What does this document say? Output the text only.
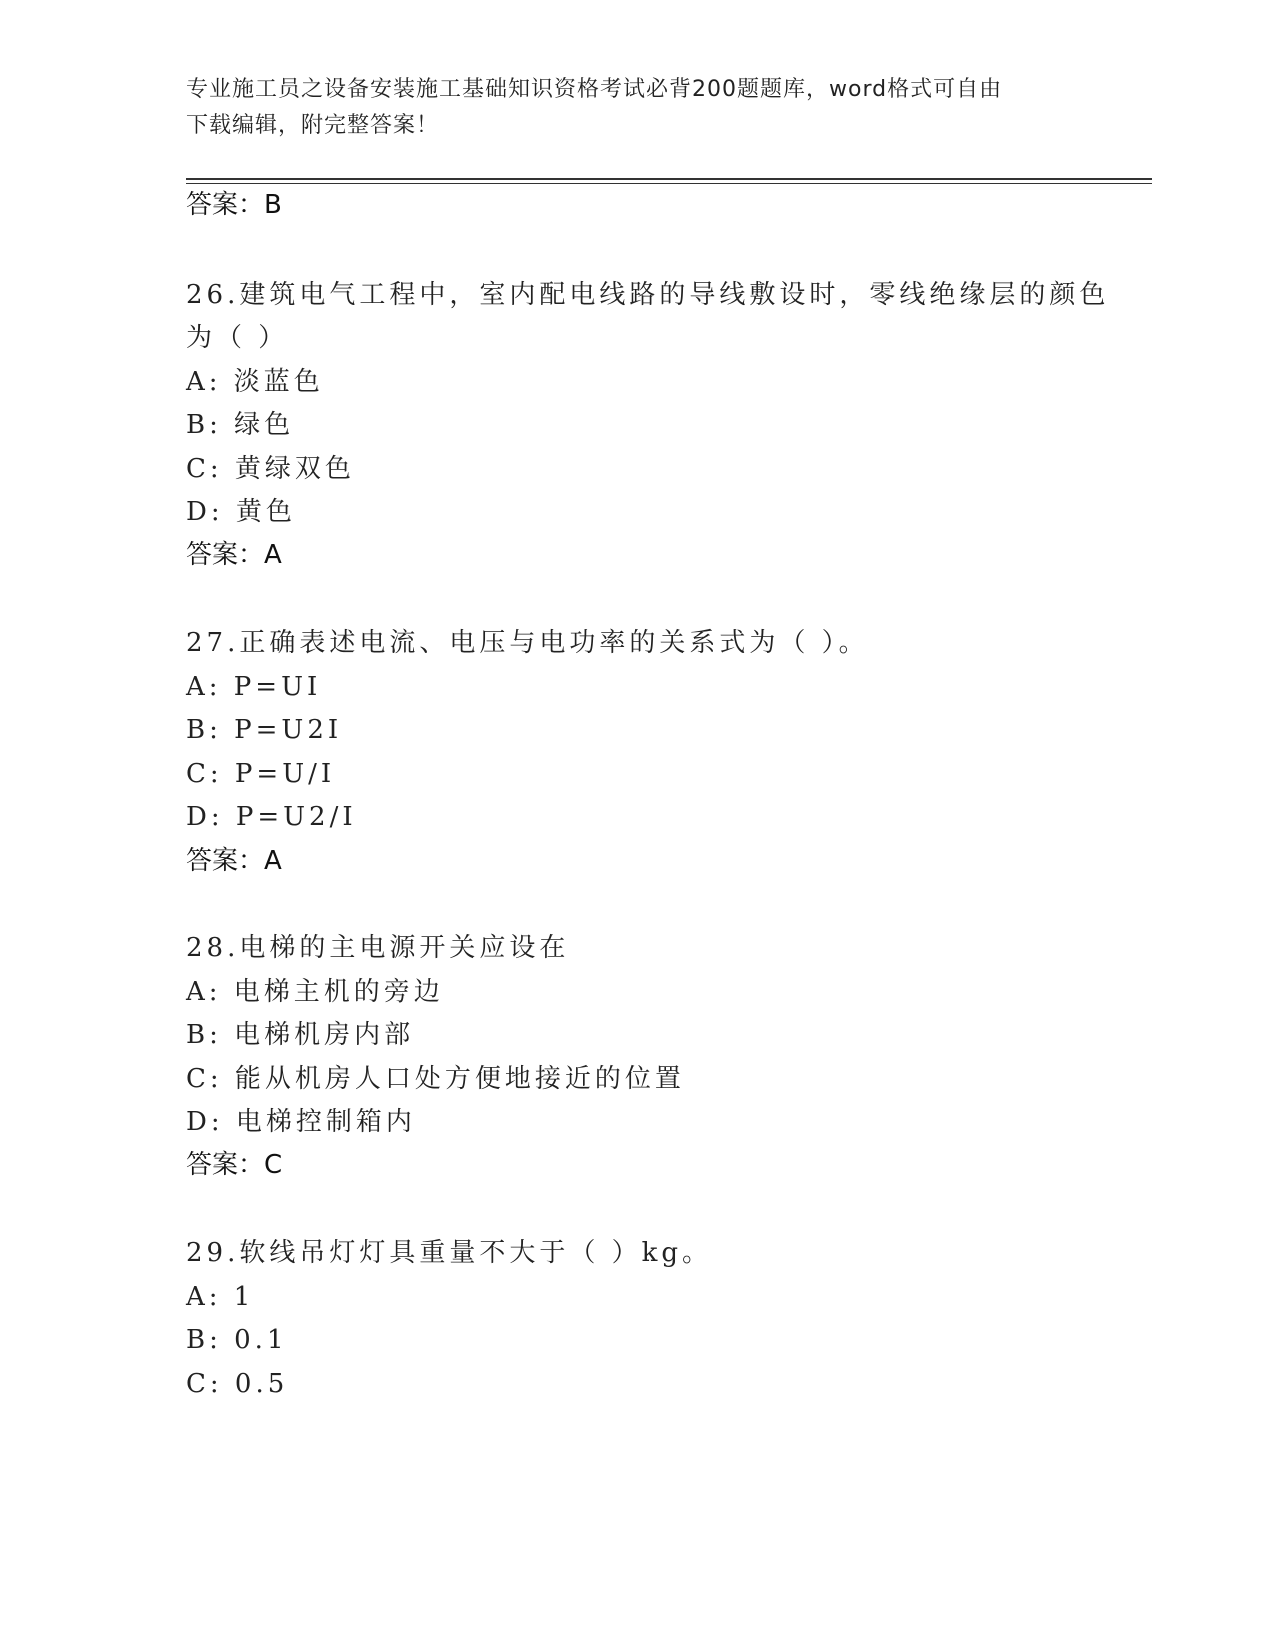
专业施工员之设备安装施工基础知识资格考试必背200题题库，word格式可自由
下载编辑，附完整答案！
答案：B
26.建筑电气工程中，室内配电线路的导线敷设时，零线绝缘层的颜色
为（ ）
A: 淡蓝色
B: 绿色
C: 黄绿双色
D: 黄色
答案：A
27.正确表述电流、电压与电功率的关系式为（ ）。
A: P=UI
B: P=U2I
C: P=U/I
D: P=U2/I
答案：A
28.电梯的主电源开关应设在
A: 电梯主机的旁边
B: 电梯机房内部
C: 能从机房人口处方便地接近的位置
D: 电梯控制箱内
答案：C
29.软线吊灯灯具重量不大于（ ）kg。
A: 1
B: 0.1
C: 0.5
